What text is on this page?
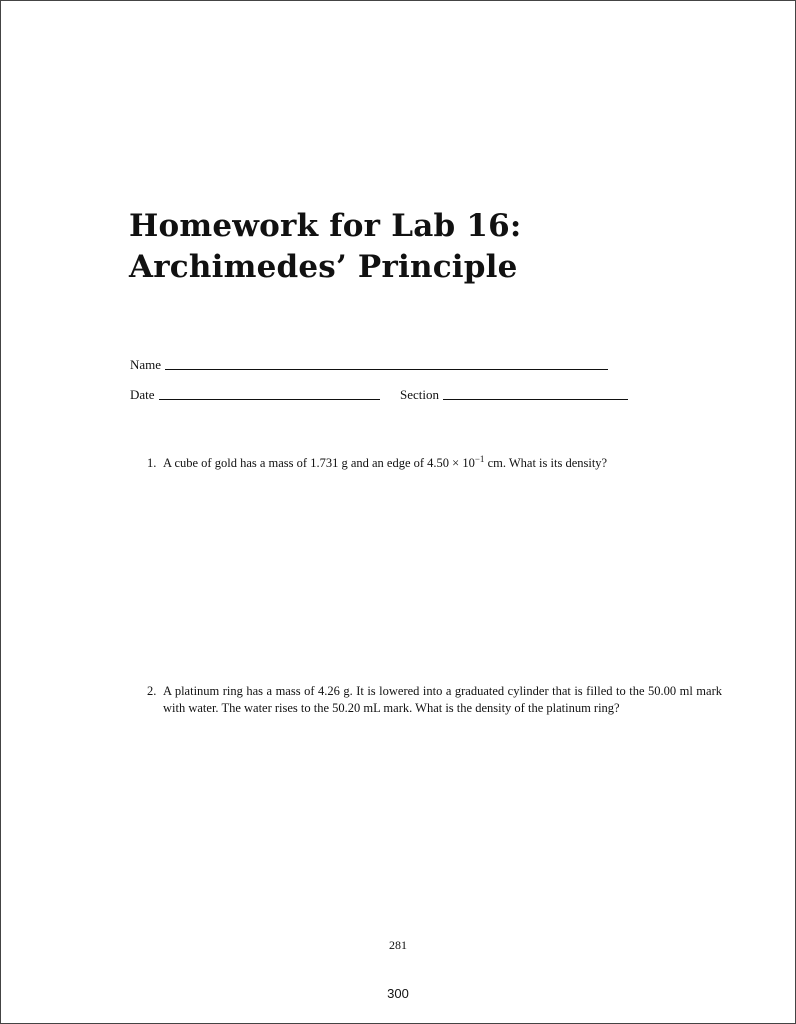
Homework for Lab 16: Archimedes’ Principle
Name
Date	Section
1. A cube of gold has a mass of 1.731 g and an edge of $4.50 \times 10^{-1}$ cm. What is its density?
2. A platinum ring has a mass of 4.26 g. It is lowered into a graduated cylinder that is filled to the 50.00 ml mark with water. The water rises to the 50.20 mL mark. What is the density of the platinum ring?
281
300
